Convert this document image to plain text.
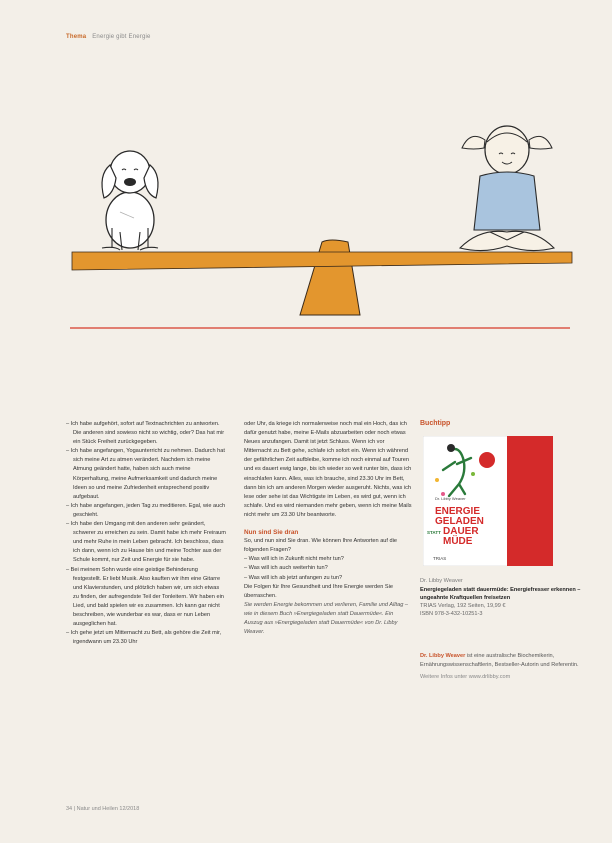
Thema Energie gibt Energie

– Ich habe aufgehört, sofort auf Textnachrichten zu antworten. Die anderen sind sowieso nicht so wichtig, oder? Das hat mir ein Stück Freiheit zurückgegeben.

– Ich habe angefangen, Yogaunterricht zu nehmen. Dadurch hat sich meine Art zu atmen verändert. Nachdem ich meine Atmung geändert hatte, haben sich auch meine Körperhaltung, meine Aufmerksamkeit und dadurch meine Ideen so und meine Zufriedenheit entsprechend positiv aufgebaut.

– Ich habe angefangen, jeden Tag zu meditieren. Egal, wie auch geschieht.

– Ich habe den Umgang mit den anderen sehr geändert, schwerer zu erreichen zu sein. Damit habe ich mehr Freiraum und mehr Ruhe in mein Leben gebracht. Ich beschloss, dass ich dann, wenn ich zu Hause bin und meine Tochter aus der Schule kommt, nur Zeit und Energie für sie habe.

– Bei meinem Sohn wurde eine geistige Behinderung festgestellt. Er liebt Musik. Also kauften wir ihm eine Gitarre und Klavierstunden, und plötzlich haben wir, um sich etwas zu finden, der aufregendste Teil der Tonleitern. Wir haben ein Lied, und bald spielen wir es zusammen. Ich kann gar nicht beschreiben, wie wunderbar es war, dass er nun Leben ausgeglichen hat.

– Ich gehe jetzt um Mitternacht zu Bett, als gehöre die Zeit mir, irgendwann um 23.30 Uhr

oder Uhr, da kriege ich normalerweise noch mal ein Hoch, das ich dafür genutzt habe, meine E-Mails abzuarbeiten oder noch etwas Neues anzufangen. Damit ist jetzt Schluss. Wenn ich vor Mitternacht zu Bett gehe, schlafe ich sofort ein. Wenn ich während der gefährlichen Zeit aufbleibe, komme ich noch einmal auf Touren und es dauert ewig lange, bis ich wieder so weit runter bin, dass ich einschlafen kann. Alles, was ich brauche, sind 23.30 Uhr im Bett, dann bin ich am anderen Morgen wieder ausgeruht. Nichts, was ich lese oder sehe ist das Wichtigste im Leben, es wird gut, wenn ich schlafe. Und es wird niemanden mehr geben, wenn ich meine Mails nicht mehr um 23.30 Uhr beantworte.

Nun sind Sie dran

So, und nun sind Sie dran. Wie können Ihre Antworten auf die folgenden Fragen?

– Was will ich in Zukunft nicht mehr tun?

– Was will ich auch weiterhin tun?

– Was will ich ab jetzt anfangen zu tun?

Die Folgen für Ihre Gesundheit und Ihre Energie werden Sie überraschen.

Sie werden Energie bekommen und verlieren, Familie und Alltag – wie in diesem Buch »Energiegeladen statt Dauermüde«. Ein Auszug aus »Energiegeladen statt Dauermüde« von Dr. Libby Weaver.

Buchtipp
ENERGIE
GELADEN
STATT DAUER
MÜDE
Dr. Libby Weaver
TRIAS
Dr. Libby Weaver
Energiegeladen statt dauermüde: Energiefresser erkennen – ungeahnte Kraftquellen freisetzen
TRIAS Verlag, 192 Seiten, 19,99 €
ISBN 978-3-432-10251-3
Dr. Libby Weaver ist eine australische Biochemikerin, Ernährungswissenschaftlerin, Bestseller-Autorin und Referentin.
Weitere Infos unter www.drlibby.com
34 | Natur und Heilen 12/2018
